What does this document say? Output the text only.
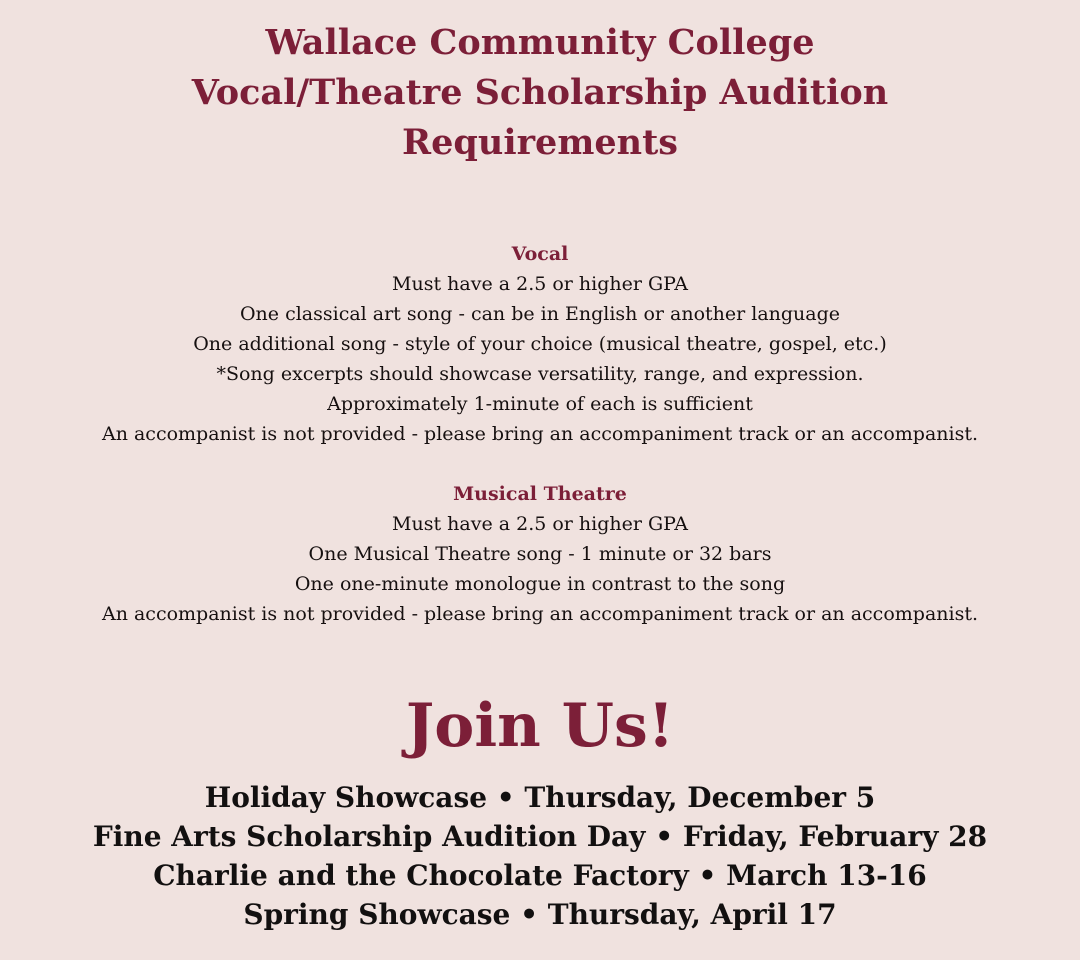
Wallace Community College
Vocal/Theatre Scholarship Audition
Requirements
Vocal
Must have a 2.5 or higher GPA
One classical art song - can be in English or another language
One additional song - style of your choice (musical theatre, gospel, etc.)
*Song excerpts should showcase versatility, range, and expression.
Approximately 1-minute of each is sufficient
An accompanist is not provided - please bring an accompaniment track or an accompanist.
Musical Theatre
Must have a 2.5 or higher GPA
One Musical Theatre song - 1 minute or 32 bars
One one-minute monologue in contrast to the song
An accompanist is not provided - please bring an accompaniment track or an accompanist.
Join Us!
Holiday Showcase • Thursday, December 5
Fine Arts Scholarship Audition Day • Friday, February 28
Charlie and the Chocolate Factory • March 13-16
Spring Showcase • Thursday, April 17
